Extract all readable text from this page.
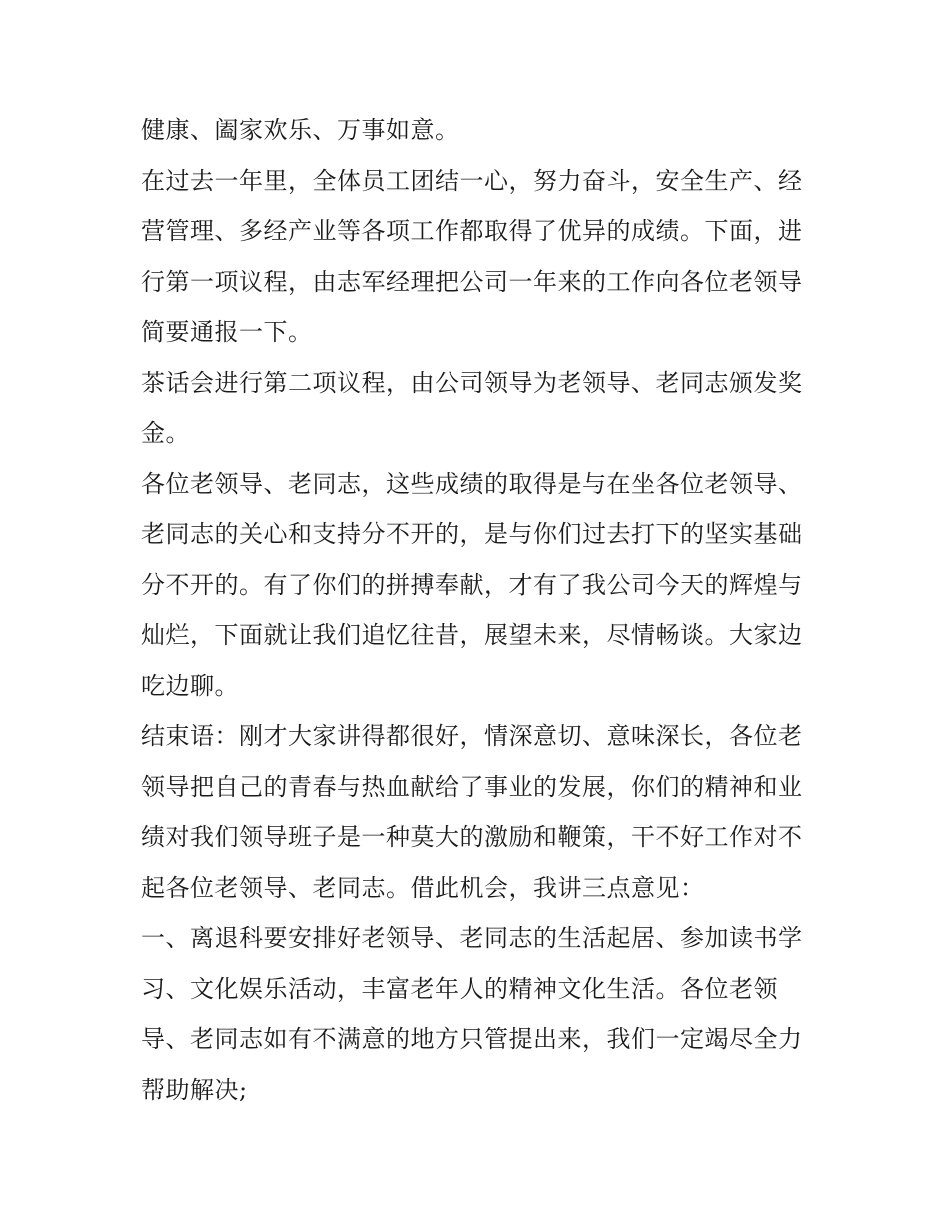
健康、阖家欢乐、万事如意。
在过去一年里，全体员工团结一心，努力奋斗，安全生产、经
营管理、多经产业等各项工作都取得了优异的成绩。下面，进
行第一项议程，由志军经理把公司一年来的工作向各位老领导
简要通报一下。
茶话会进行第二项议程，由公司领导为老领导、老同志颁发奖
金。
各位老领导、老同志，这些成绩的取得是与在坐各位老领导、
老同志的关心和支持分不开的，是与你们过去打下的坚实基础
分不开的。有了你们的拼搏奉献，才有了我公司今天的辉煌与
灿烂，下面就让我们追忆往昔，展望未来，尽情畅谈。大家边
吃边聊。
结束语：刚才大家讲得都很好，情深意切、意味深长，各位老
领导把自己的青春与热血献给了事业的发展，你们的精神和业
绩对我们领导班子是一种莫大的激励和鞭策，干不好工作对不
起各位老领导、老同志。借此机会，我讲三点意见：
一、离退科要安排好老领导、老同志的生活起居、参加读书学
习、文化娱乐活动，丰富老年人的精神文化生活。各位老领
导、老同志如有不满意的地方只管提出来，我们一定竭尽全力
帮助解决;
